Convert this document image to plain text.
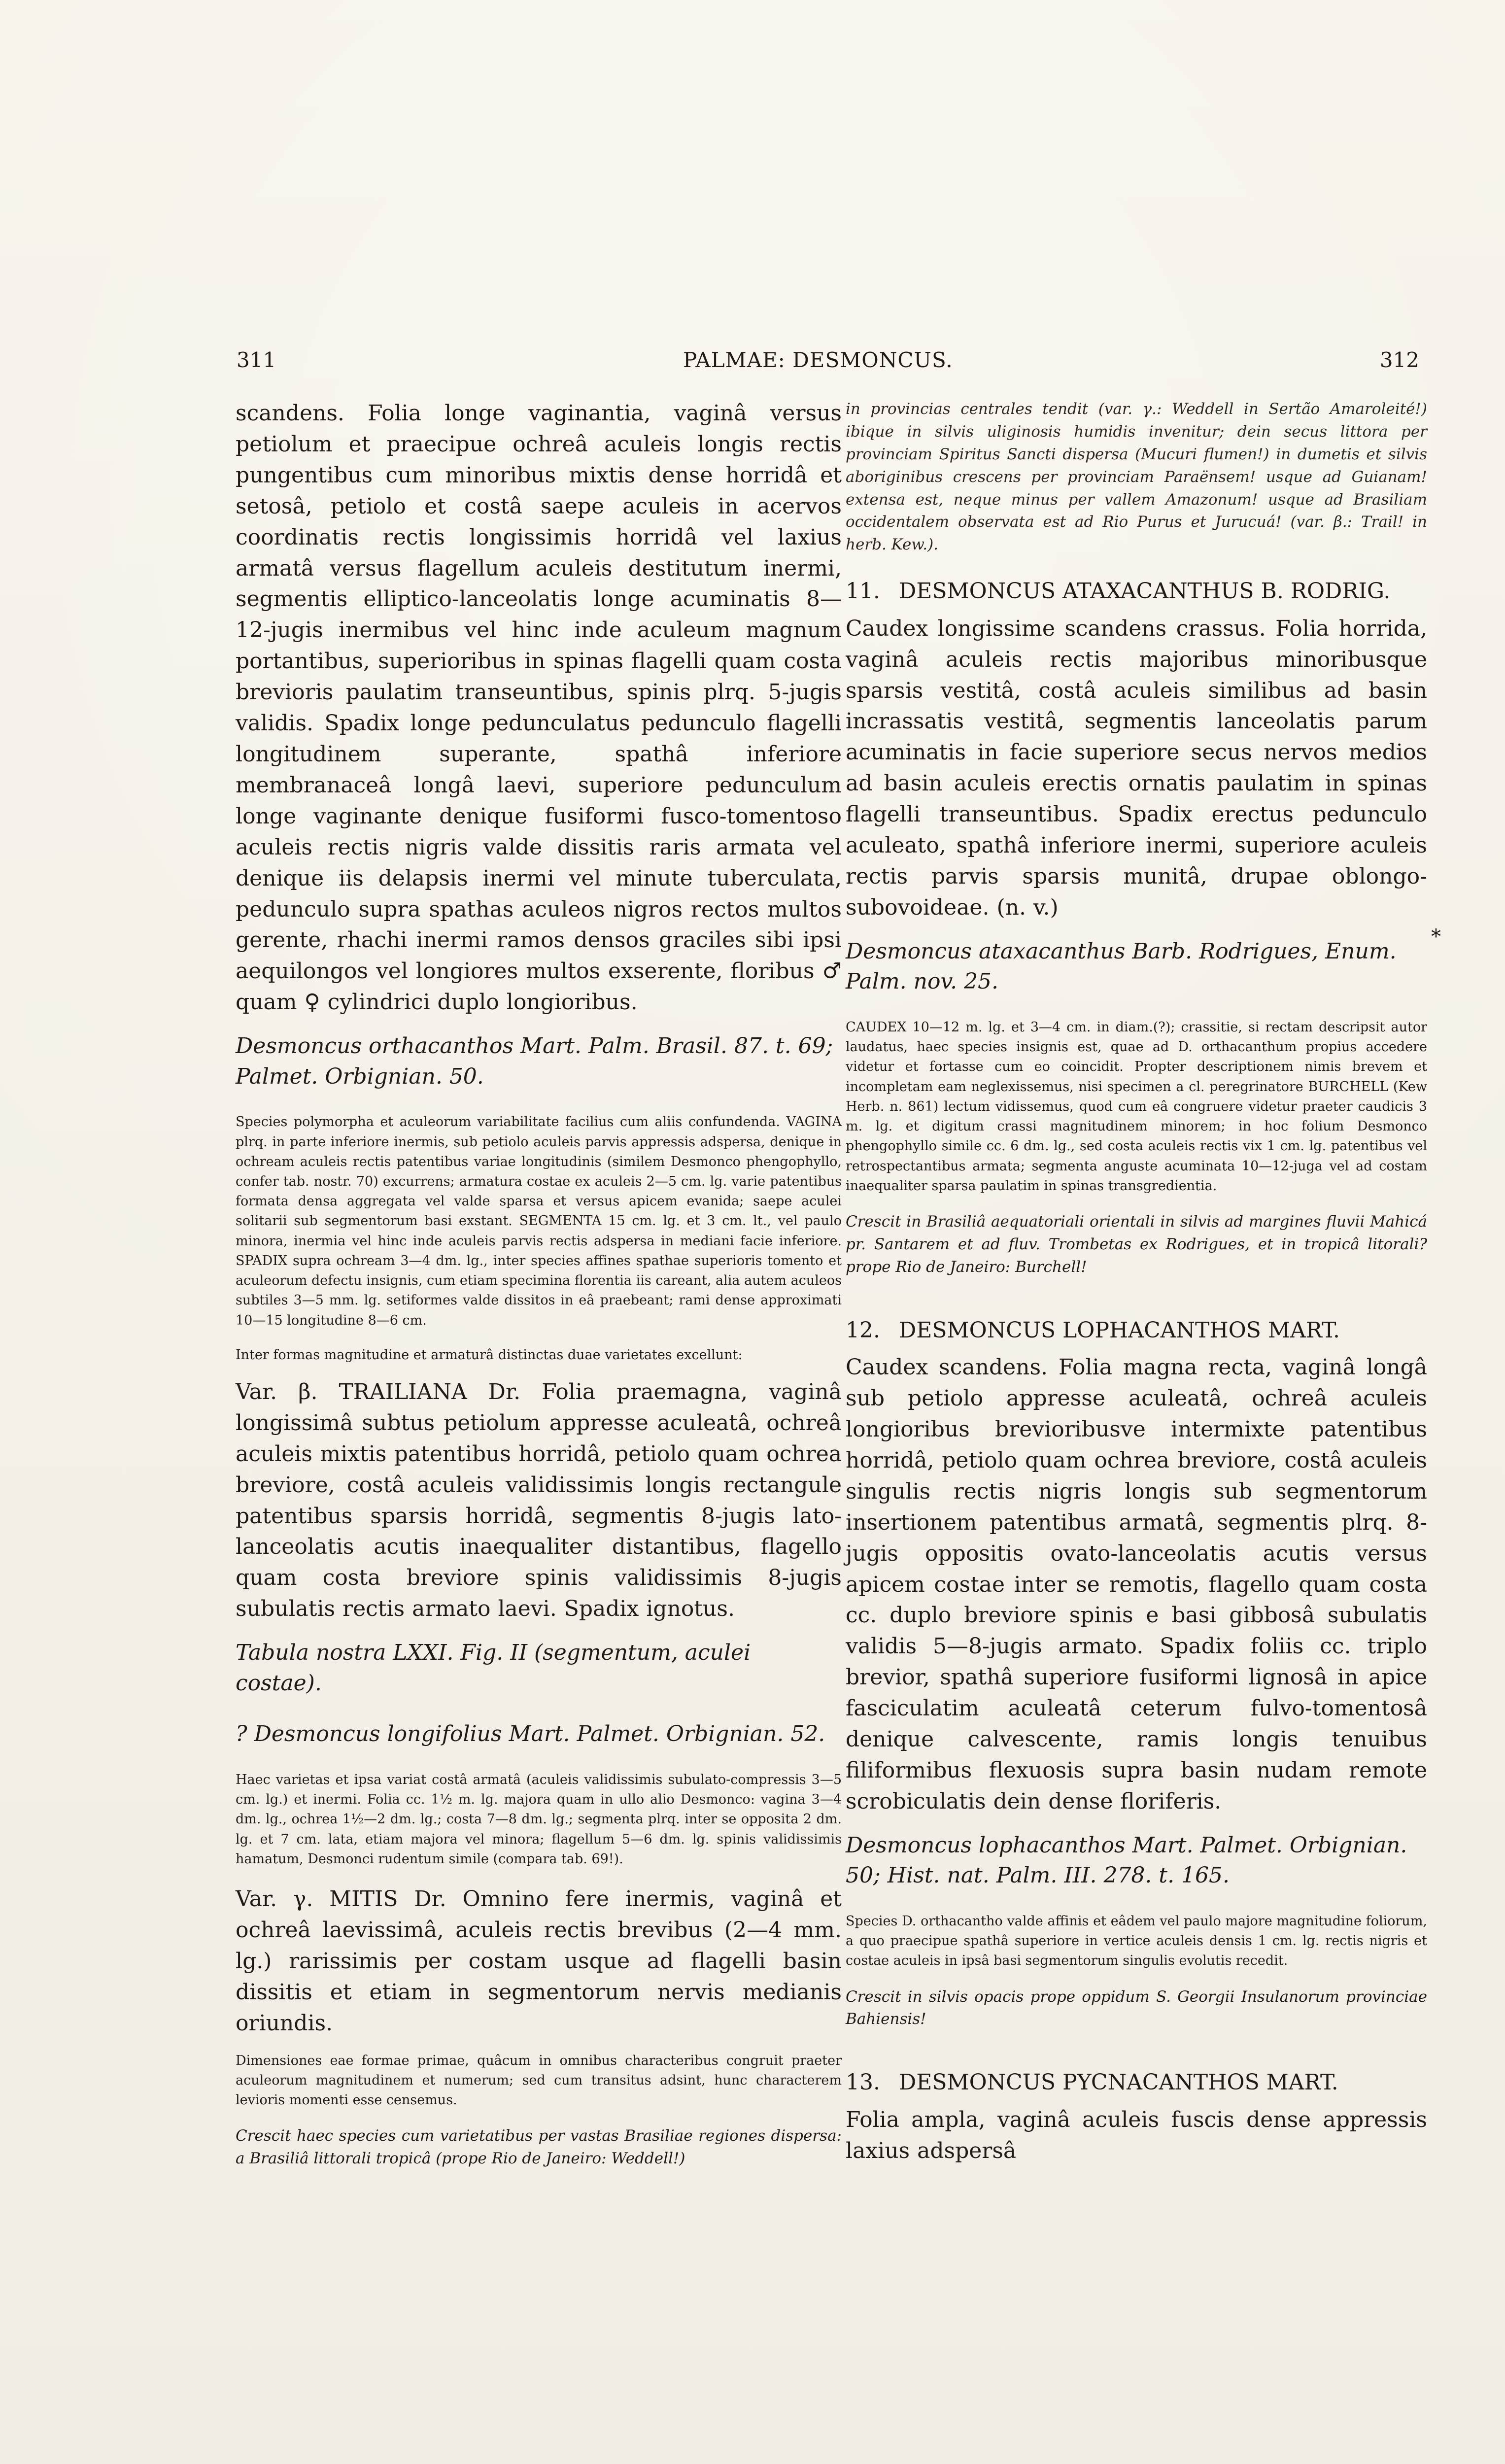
311	PALMAE: DESMONCUS.	312

scandens. Folia longe vaginantia, vaginâ versus petiolum et praecipue ochreâ aculeis longis rectis pungentibus cum minoribus mixtis dense horridâ et setosâ, petiolo et costâ saepe aculeis in acervos coordinatis rectis longissimis horridâ vel laxius armatâ versus flagellum aculeis destitutum inermi, segmentis elliptico-lanceolatis longe acuminatis 8—12-jugis inermibus vel hinc inde aculeum magnum portantibus, superioribus in spinas flagelli quam costa brevioris paulatim transeuntibus, spinis plrq. 5-jugis validis. Spadix longe pedunculatus pedunculo flagelli longitudinem superante, spathâ inferiore membranaceâ longâ laevi, superiore pedunculum longe vaginante denique fusiformi fusco-tomentoso aculeis rectis nigris valde dissitis raris armata vel denique iis delapsis inermi vel minute tuberculata, pedunculo supra spathas aculeos nigros rectos multos gerente, rhachi inermi ramos densos graciles sibi ipsi aequilongos vel longiores multos exserente, floribus ♂ quam ♀ cylindrici duplo longioribus.

Desmoncus orthacanthos Mart. Palm. Brasil. 87. t. 69; Palmet. Orbignian. 50.

Species polymorpha et aculeorum variabilitate facilius cum aliis confundenda. VAGINA plrq. in parte inferiore inermis, sub petiolo aculeis parvis appressis adspersa, denique in ochream aculeis rectis patentibus variae longitudinis (similem Desmonco phengophyllo, confer tab. nostr. 70) excurrens; armatura costae ex aculeis 2—5 cm. lg. varie patentibus formata densa aggregata vel valde sparsa et versus apicem evanida; saepe aculei solitarii sub segmentorum basi exstant. SEGMENTA 15 cm. lg. et 3 cm. lt., vel paulo minora, inermia vel hinc inde aculeis parvis rectis adspersa in mediani facie inferiore. SPADIX supra ochream 3—4 dm. lg., inter species affines spathae superioris tomento et aculeorum defectu insignis, cum etiam specimina florentia iis careant, alia autem aculeos subtiles 3—5 mm. lg. setiformes valde dissitos in eâ praebeant; rami dense approximati 10—15 longitudine 8—6 cm.

Inter formas magnitudine et armaturâ distinctas duae varietates excellunt:

Var. β. TRAILIANA Dr. Folia praemagna, vaginâ longissimâ subtus petiolum appresse aculeatâ, ochreâ aculeis mixtis patentibus horridâ, petiolo quam ochrea breviore, costâ aculeis validissimis longis rectangule patentibus sparsis horridâ, segmentis 8-jugis lato-lanceolatis acutis inaequaliter distantibus, flagello quam costa breviore spinis validissimis 8-jugis subulatis rectis armato laevi. Spadix ignotus.

Tabula nostra LXXI. Fig. II (segmentum, aculei costae).

? Desmoncus longifolius Mart. Palmet. Orbignian. 52.

Haec varietas et ipsa variat costâ armatâ (aculeis validissimis subulato-compressis 3—5 cm. lg.) et inermi. Folia cc. 1½ m. lg. majora quam in ullo alio Desmonco: vagina 3—4 dm. lg., ochrea 1½—2 dm. lg.; costa 7—8 dm. lg.; segmenta plrq. inter se opposita 2 dm. lg. et 7 cm. lata, etiam majora vel minora; flagellum 5—6 dm. lg. spinis validissimis hamatum, Desmonci rudentum simile (compara tab. 69!).

Var. γ. MITIS Dr. Omnino fere inermis, vaginâ et ochreâ laevissimâ, aculeis rectis brevibus (2—4 mm. lg.) rarissimis per costam usque ad flagelli basin dissitis et etiam in segmentorum nervis medianis oriundis.

Dimensiones eae formae primae, quâcum in omnibus characteribus congruit praeter aculeorum magnitudinem et numerum; sed cum transitus adsint, hunc characterem levioris momenti esse censemus.

Crescit haec species cum varietatibus per vastas Brasiliae regiones dispersa: a Brasiliâ littorali tropicâ (prope Rio de Janeiro: Weddell!)

in provincias centrales tendit (var. γ.: Weddell in Sertão Amaroleité!) ibique in silvis uliginosis humidis invenitur; dein secus littora per provinciam Spiritus Sancti dispersa (Mucuri flumen!) in dumetis et silvis aboriginibus crescens per provinciam Paraënsem! usque ad Guianam! extensa est, neque minus per vallem Amazonum! usque ad Brasiliam occidentalem observata est ad Rio Purus et Jurucuá! (var. β.: Trail! in herb. Kew.).

11. DESMONCUS ATAXACANTHUS B. RODRIG.

Caudex longissime scandens crassus. Folia horrida, vaginâ aculeis rectis majoribus minoribusque sparsis vestitâ, costâ aculeis similibus ad basin incrassatis vestitâ, segmentis lanceolatis parum acuminatis in facie superiore secus nervos medios ad basin aculeis erectis ornatis paulatim in spinas flagelli transeuntibus. Spadix erectus pedunculo aculeato, spathâ inferiore inermi, superiore aculeis rectis parvis sparsis munitâ, drupae oblongo-subovoideae. (n. v.)

Desmoncus ataxacanthus Barb. Rodrigues, Enum. Palm. nov. 25.

CAUDEX 10—12 m. lg. et 3—4 cm. in diam.(?); crassitie, si rectam descripsit autor laudatus, haec species insignis est, quae ad D. orthacanthum propius accedere videtur et fortasse cum eo coincidit. Propter descriptionem nimis brevem et incompletam eam neglexissemus, nisi specimen a cl. peregrinatore BURCHELL (Kew Herb. n. 861) lectum vidissemus, quod cum eâ congruere videtur praeter caudicis 3 m. lg. et digitum crassi magnitudinem minorem; in hoc folium Desmonco phengophyllo simile cc. 6 dm. lg., sed costa aculeis rectis vix 1 cm. lg. patentibus vel retrospectantibus armata; segmenta anguste acuminata 10—12-juga vel ad costam inaequaliter sparsa paulatim in spinas transgredientia.

Crescit in Brasiliâ aequatoriali orientali in silvis ad margines fluvii Mahicá pr. Santarem et ad fluv. Trombetas ex Rodrigues, et in tropicâ litorali? prope Rio de Janeiro: Burchell!

12. DESMONCUS LOPHACANTHOS MART.

Caudex scandens. Folia magna recta, vaginâ longâ sub petiolo appresse aculeatâ, ochreâ aculeis longioribus brevioribusve intermixte patentibus horridâ, petiolo quam ochrea breviore, costâ aculeis singulis rectis nigris longis sub segmentorum insertionem patentibus armatâ, segmentis plrq. 8-jugis oppositis ovato-lanceolatis acutis versus apicem costae inter se remotis, flagello quam costa cc. duplo breviore spinis e basi gibbosâ subulatis validis 5—8-jugis armato. Spadix foliis cc. triplo brevior, spathâ superiore fusiformi lignosâ in apice fasciculatim aculeatâ ceterum fulvo-tomentosâ denique calvescente, ramis longis tenuibus filiformibus flexuosis supra basin nudam remote scrobiculatis dein dense floriferis.

Desmoncus lophacanthos Mart. Palmet. Orbignian. 50; Hist. nat. Palm. III. 278. t. 165.

Species D. orthacantho valde affinis et eâdem vel paulo majore magnitudine foliorum, a quo praecipue spathâ superiore in vertice aculeis densis 1 cm. lg. rectis nigris et costae aculeis in ipsâ basi segmentorum singulis evolutis recedit.

Crescit in silvis opacis prope oppidum S. Georgii Insulanorum provinciae Bahiensis!

13. DESMONCUS PYCNACANTHOS MART.

Folia ampla, vaginâ aculeis fuscis dense appressis laxius adspersâ

*
